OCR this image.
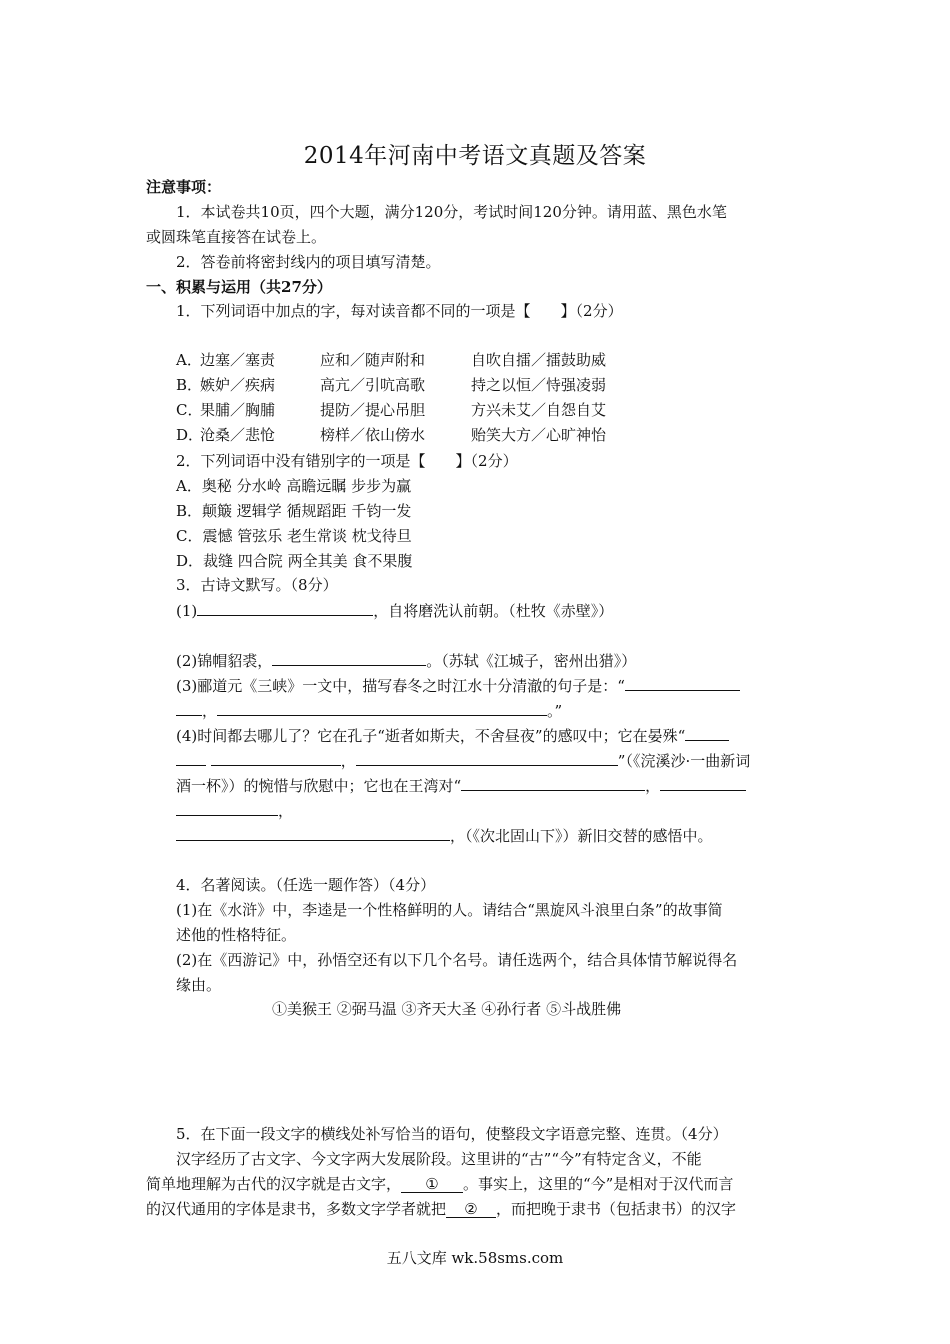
2014年河南中考语文真题及答案
注意事项：
1．本试卷共10页，四个大题，满分120分，考试时间120分钟。请用蓝、黑色水笔
或圆珠笔直接答在试卷上。
2．答卷前将密封线内的项目填写清楚。
一、积累与运用（共27分）
1．下列词语中加点的字，每对读音都不同的一项是【　　】（2分）
A．
边塞／塞责	应和／随声附和	自吹自擂／擂鼓助威
B．
嫉妒／疾病	高亢／引吭高歌	持之以恒／恃强凌弱
C．
果脯／胸脯	提防／提心吊胆	方兴未艾／自怨自艾
D．
沧桑／悲怆	榜样／依山傍水	贻笑大方／心旷神怡
2．下列词语中没有错别字的一项是【　　】（2分）
A．奥秘 分水岭 高瞻远瞩 步步为赢
B．颠簸 逻辑学 循规蹈距 千钧一发
C．震憾 管弦乐 老生常谈 枕戈待旦
D．裁缝 四合院 两全其美 食不果腹
3．古诗文默写。（8分）
(1)	，自将磨洗认前朝。（杜牧《赤壁》）
(2)锦帽貂裘，	。（苏轼《江城子，密州出猎》）
(3)郦道元《三峡》一文中，描写春冬之时江水十分清澈的句子是：“
，	。”
(4)时间都去哪儿了？它在孔子“逝者如斯夫，不舍昼夜”的感叹中；它在晏殊“
，	”（《浣溪沙·一曲新词
酒一杯》）的惋惜与欣慰中；它也在王湾对“	，
，
，（《次北固山下》）新旧交替的感悟中。
4．名著阅读。（任选一题作答）（4分）
(1)在《水浒》中，李逵是一个性格鲜明的人。请结合“黑旋风斗浪里白条”的故事简
述他的性格特征。
(2)在《西游记》中，孙悟空还有以下几个名号。请任选两个，结合具体情节解说得名
缘由。
①美猴王 ②弼马温 ③齐天大圣 ④孙行者 ⑤斗战胜佛
5．在下面一段文字的横线处补写恰当的语句，使整段文字语意完整、连贯。（4分）
汉字经历了古文字、今文字两大发展阶段。这里讲的“古”“今”有特定含义，不能
简单地理解为古代的汉字就是古文字， ① 。事实上，这里的“今”是相对于汉代而言
的汉代通用的字体是隶书，多数文字学者就把 ② ，而把晚于隶书（包括隶书）的汉字
五八文库 wk.58sms.com
